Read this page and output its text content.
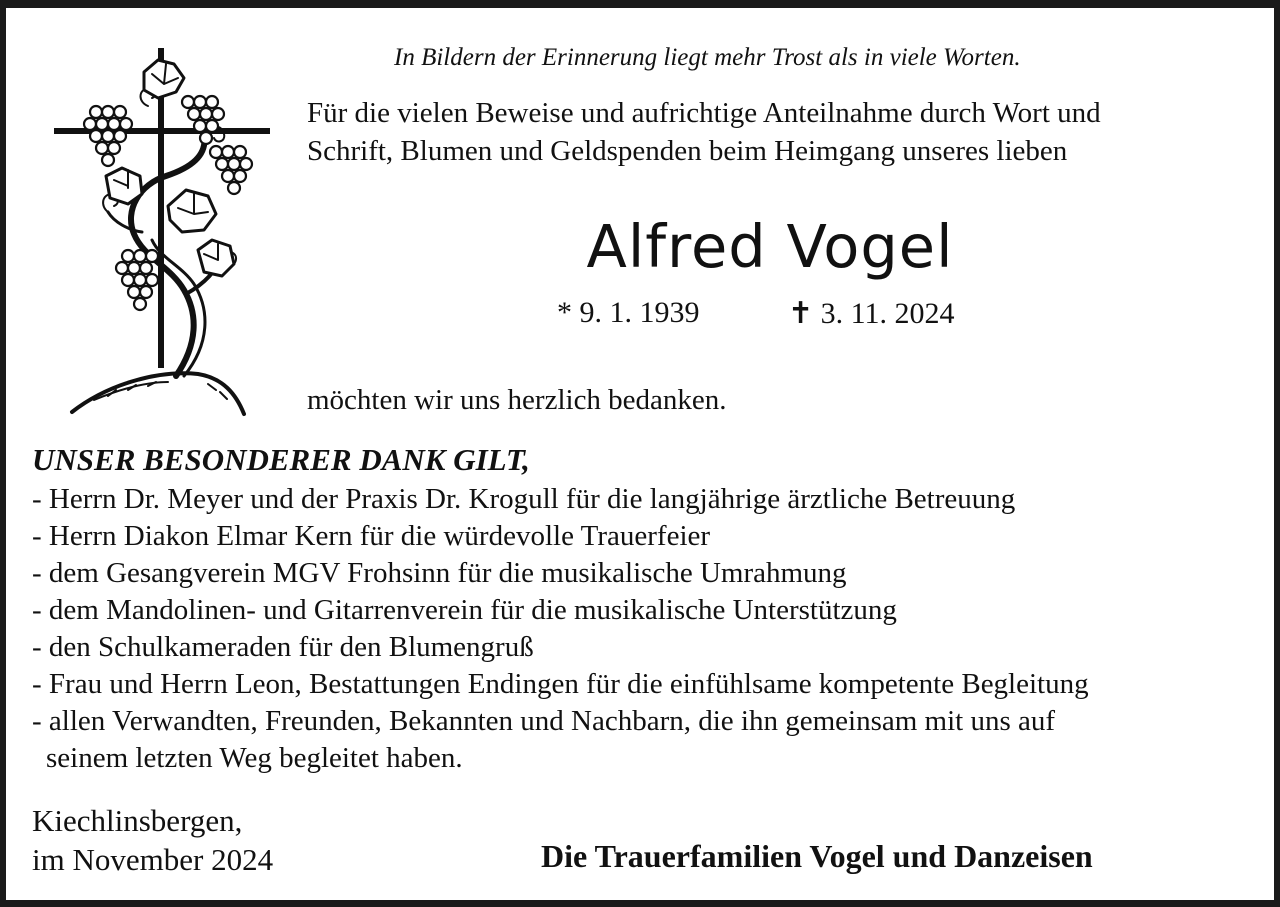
In Bildern der Erinnerung liegt mehr Trost als in viele Worten.
Für die vielen Beweise und aufrichtige Anteilnahme durch Wort und
Schrift, Blumen und Geldspenden beim Heimgang unseres lieben
Alfred Vogel
* 9. 1. 1939	✝ 3. 11. 2024
möchten wir uns herzlich bedanken.
UNSER BESONDERER DANK GILT,
- Herrn Dr. Meyer und der Praxis Dr. Krogull für die langjährige ärztliche Betreuung
- Herrn Diakon Elmar Kern für die würdevolle Trauerfeier
- dem Gesangverein MGV Frohsinn für die musikalische Umrahmung
- dem Mandolinen- und Gitarrenverein für die musikalische Unterstützung
- den Schulkameraden für den Blumengruß
- Frau und Herrn Leon, Bestattungen Endingen für die einfühlsame kompetente Begleitung
- allen Verwandten, Freunden, Bekannten und Nachbarn, die ihn gemeinsam mit uns auf
seinem letzten Weg begleitet haben.
Kiechlinsbergen,
im November 2024	Die Trauerfamilien Vogel und Danzeisen
